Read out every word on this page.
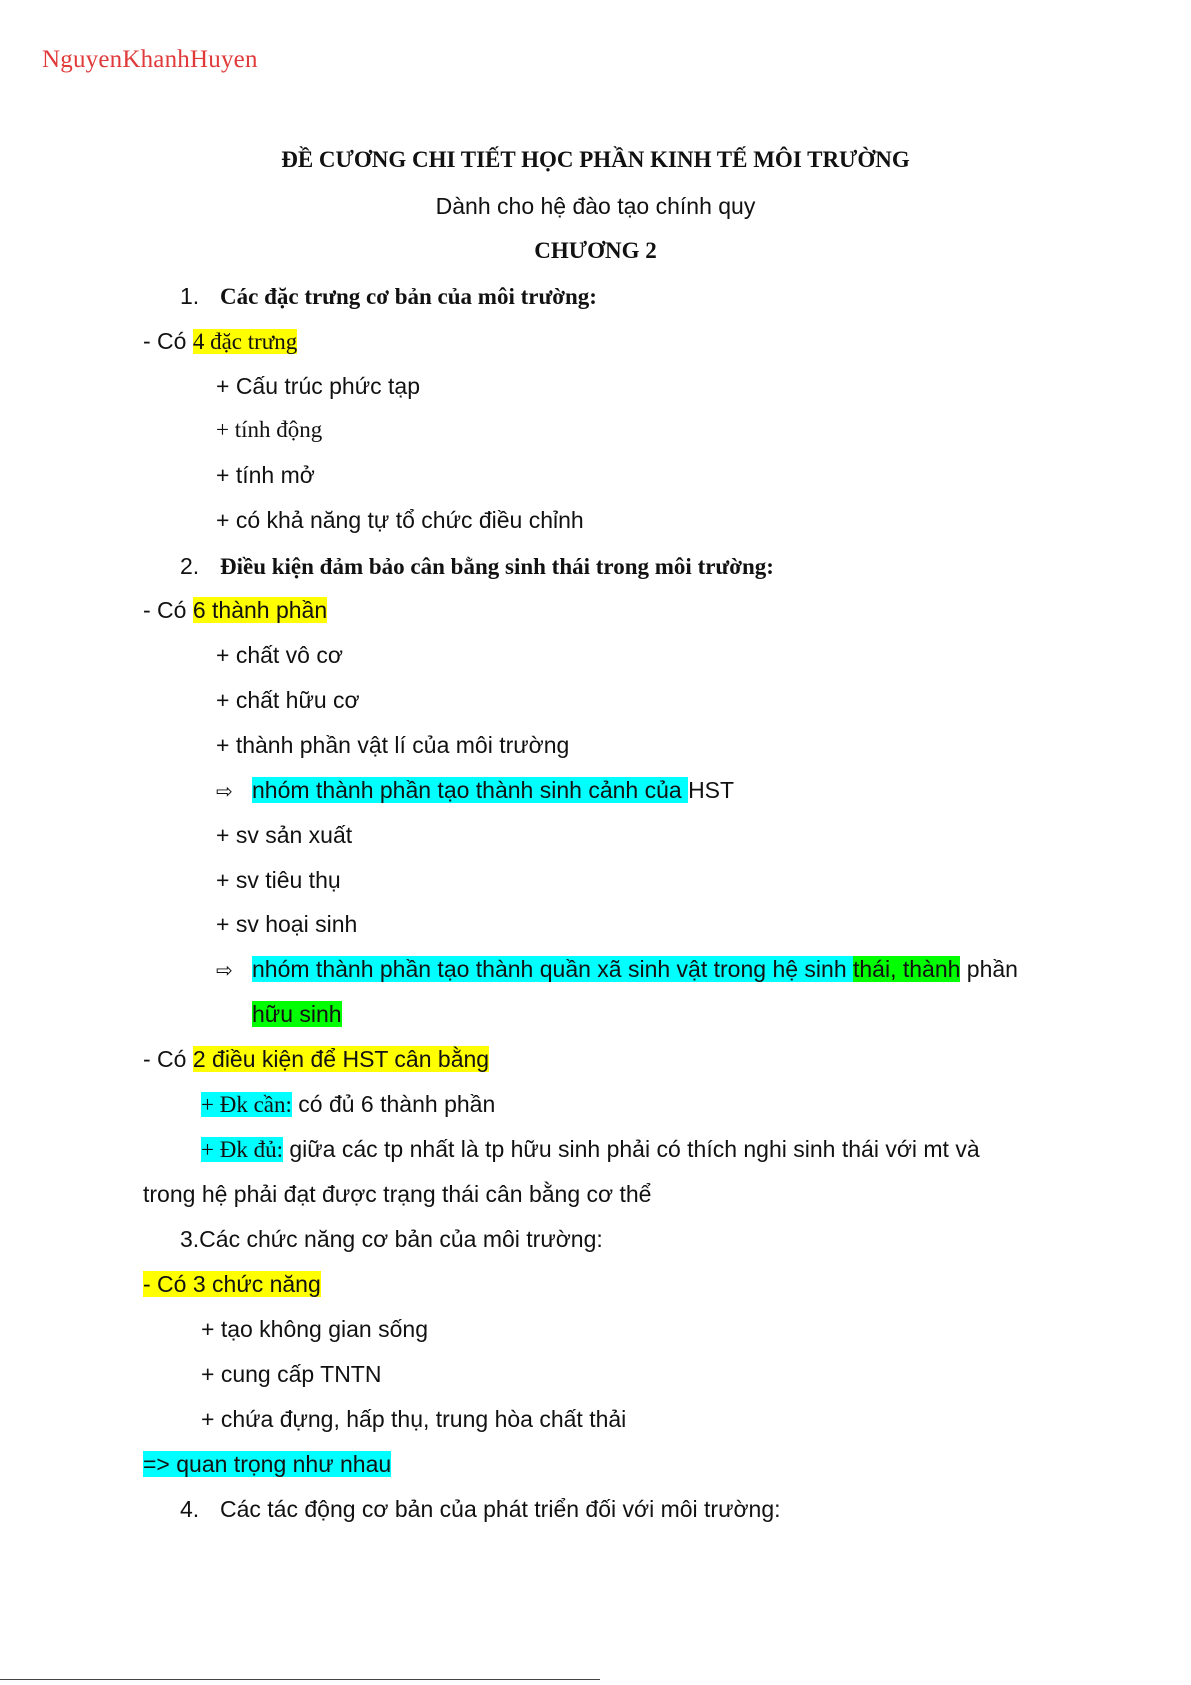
NguyenKhanhHuyen
ĐỀ CƯƠNG CHI TIẾT HỌC PHẦN KINH TẾ MÔI TRƯỜNG
Dành cho hệ đào tạo chính quy
CHƯƠNG 2
1. Các đặc trưng cơ bản của môi trường:
- Có 4 đặc trưng
+ Cấu trúc phức tạp
+ tính động
+ tính mở
+ có khả năng tự tổ chức điều chỉnh
2. Điều kiện đảm bảo cân bằng sinh thái trong môi trường:
- Có 6 thành phần
+ chất vô cơ
+ chất hữu cơ
+ thành phần vật lí của môi trường
⇨ nhóm thành phần tạo thành sinh cảnh của HST
+ sv sản xuất
+ sv tiêu thụ
+ sv hoại sinh
⇨ nhóm thành phần tạo thành quần xã sinh vật trong hệ sinh thái, thành phần
hữu sinh
- Có 2 điều kiện để HST cân bằng
+ Đk cần: có đủ 6 thành phần
+ Đk đủ: giữa các tp nhất là tp hữu sinh phải có thích nghi sinh thái với mt và
trong hệ phải đạt được trạng thái cân bằng cơ thể
3.Các chức năng cơ bản của môi trường:
- Có 3 chức năng
+ tạo không gian sống
+ cung cấp TNTN
+ chứa đựng, hấp thụ, trung hòa chất thải
=> quan trọng như nhau
4. Các tác động cơ bản của phát triển đối với môi trường:
